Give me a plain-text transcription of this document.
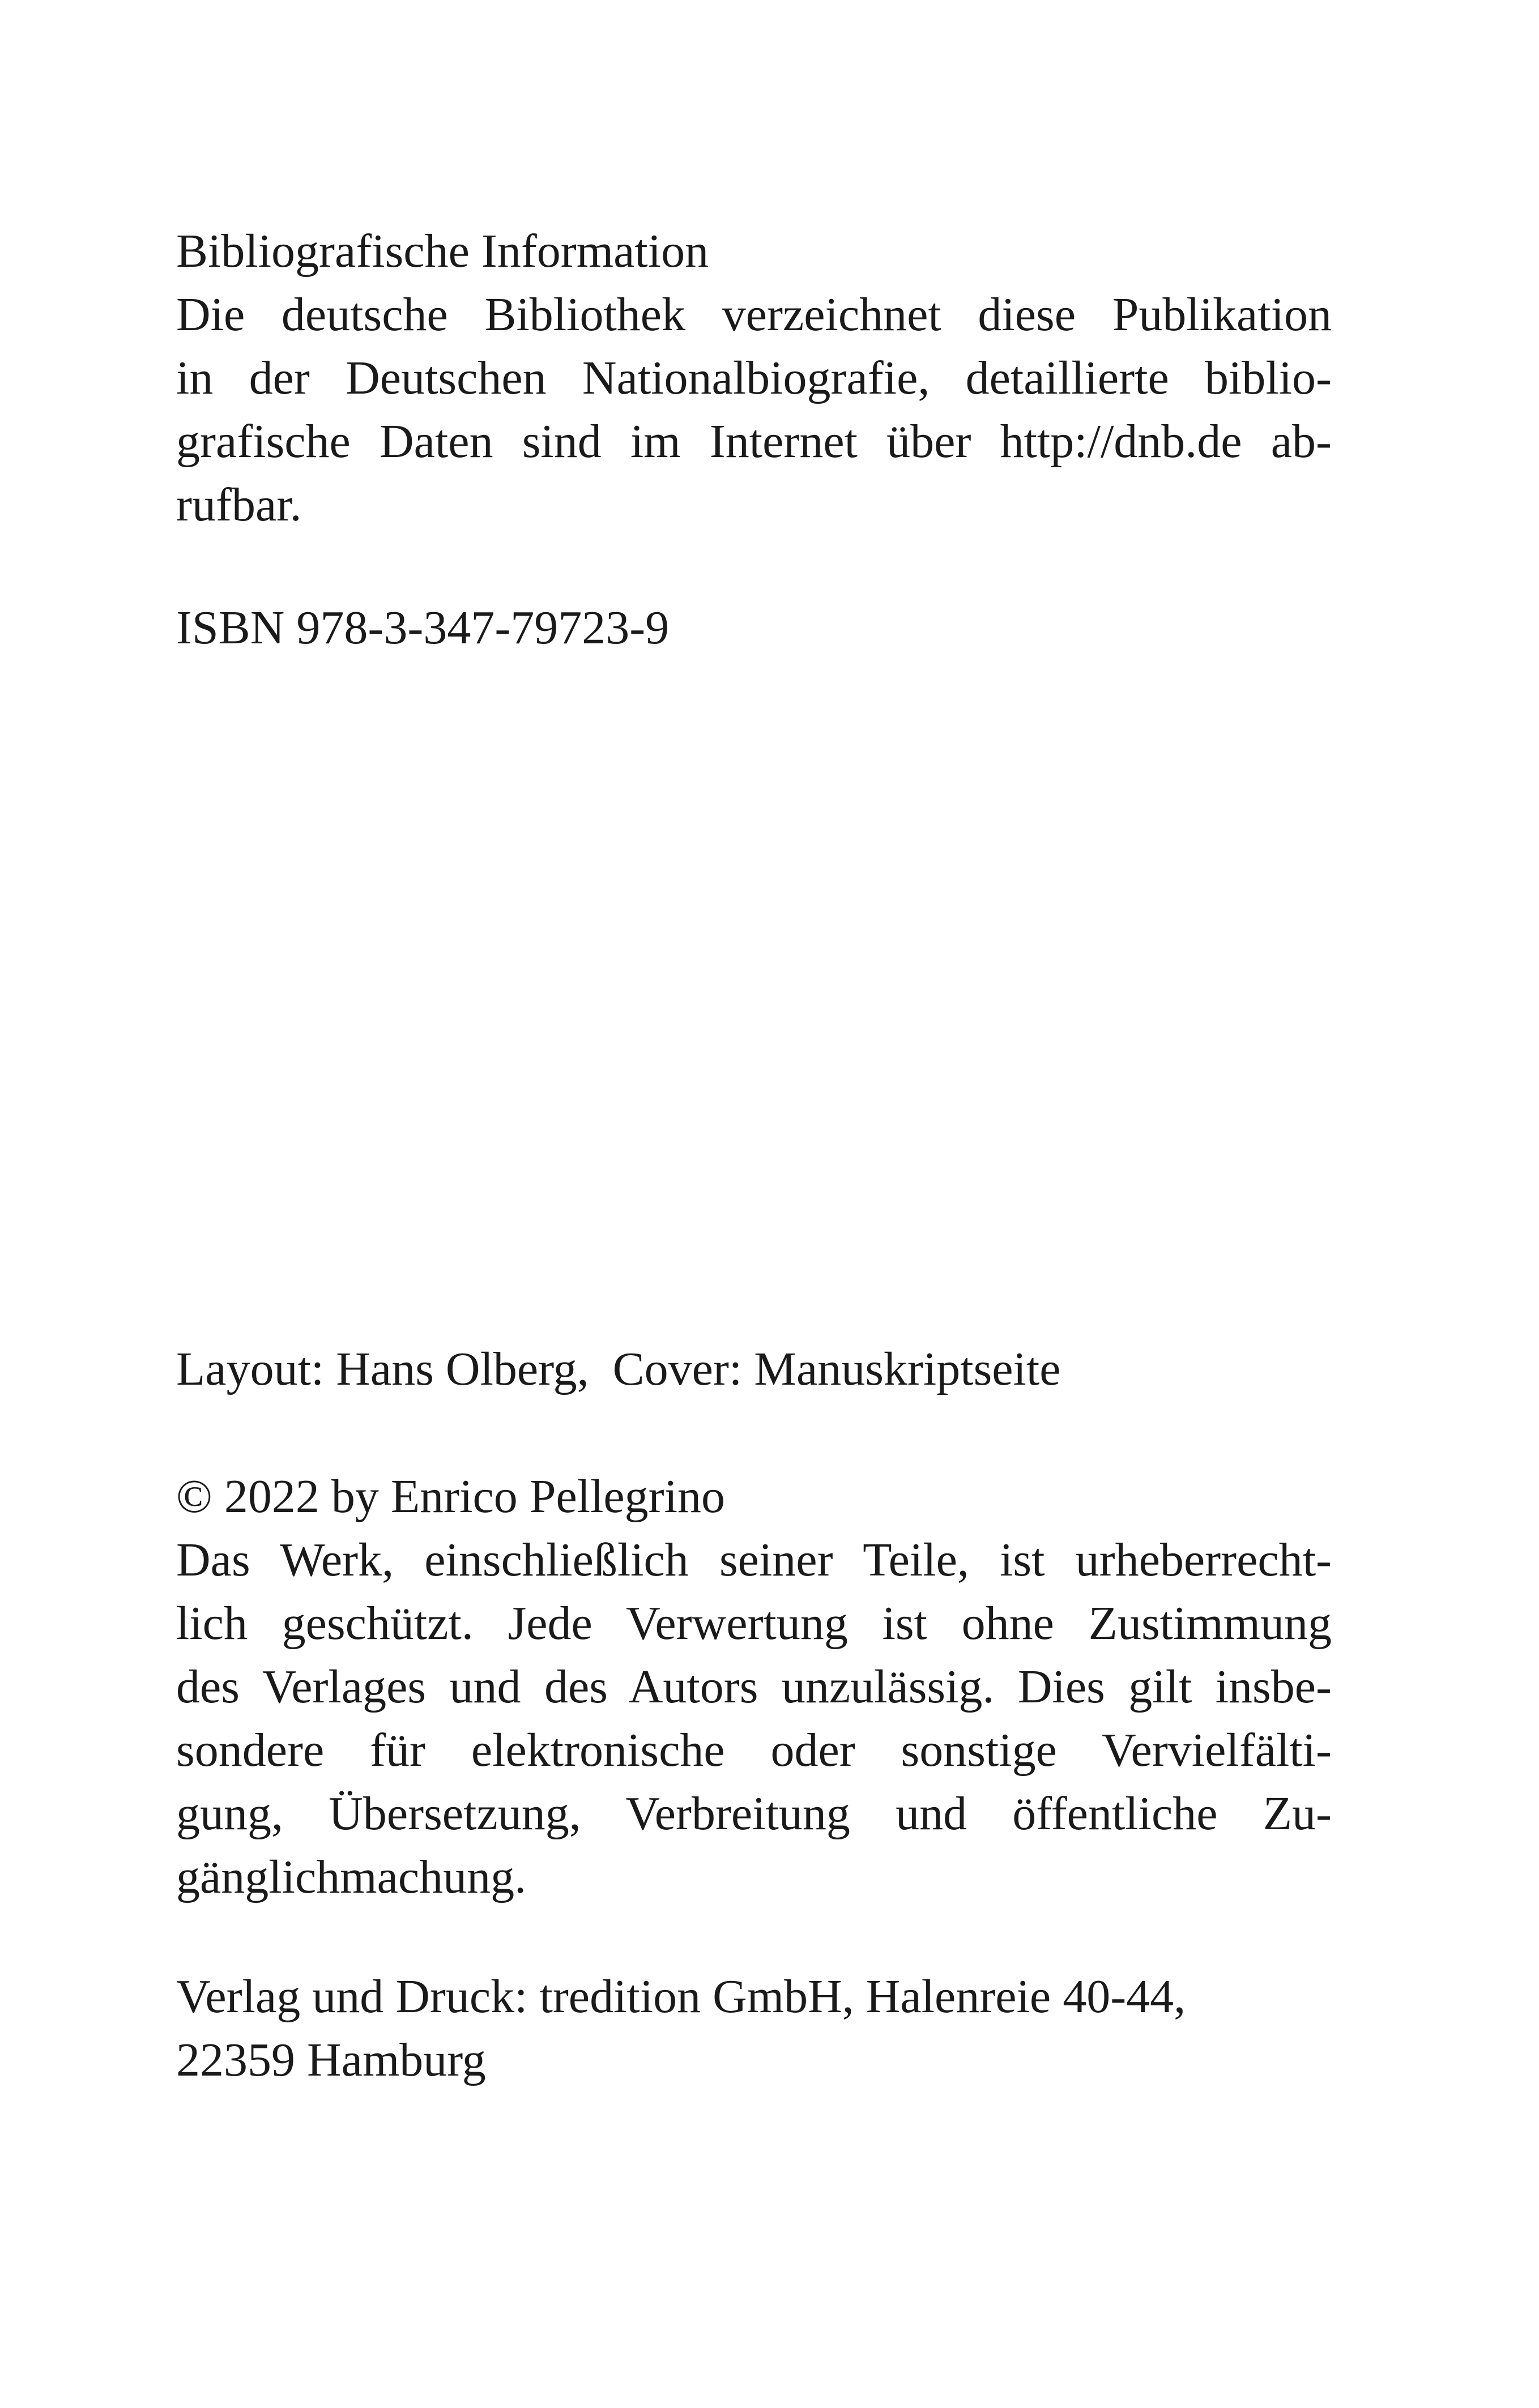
Bibliografische Information
Die deutsche Bibliothek verzeichnet diese Publikation
in der Deutschen Nationalbiografie, detaillierte biblio-
grafische Daten sind im Internet über http://dnb.de ab-
rufbar.
ISBN 978-3-347-79723-9
Layout: Hans Olberg,  Cover: Manuskriptseite
© 2022 by Enrico Pellegrino
Das Werk, einschließlich seiner Teile, ist urheberrecht-
lich geschützt. Jede Verwertung ist ohne Zustimmung
des Verlages und des Autors unzulässig. Dies gilt insbe-
sondere für elektronische oder sonstige Vervielfälti-
gung, Übersetzung, Verbreitung und öffentliche Zu-
gänglichmachung.
Verlag und Druck: tredition GmbH, Halenreie 40-44,
22359 Hamburg
